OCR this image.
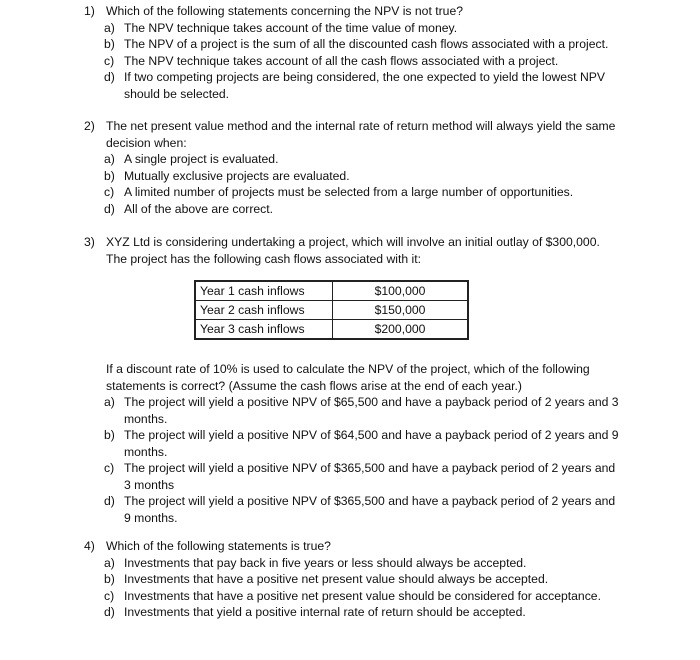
1) Which of the following statements concerning the NPV is not true?
a) The NPV technique takes account of the time value of money.
b) The NPV of a project is the sum of all the discounted cash flows associated with a project.
c) The NPV technique takes account of all the cash flows associated with a project.
d) If two competing projects are being considered, the one expected to yield the lowest NPV should be selected.
2) The net present value method and the internal rate of return method will always yield the same decision when:
a) A single project is evaluated.
b) Mutually exclusive projects are evaluated.
c) A limited number of projects must be selected from a large number of opportunities.
d) All of the above are correct.
3) XYZ Ltd is considering undertaking a project, which will involve an initial outlay of $300,000. The project has the following cash flows associated with it:
Year 1 cash inflows	$100,000
Year 2 cash inflows	$150,000
Year 3 cash inflows	$200,000
If a discount rate of 10% is used to calculate the NPV of the project, which of the following statements is correct? (Assume the cash flows arise at the end of each year.)
a) The project will yield a positive NPV of $65,500 and have a payback period of 2 years and 3 months.
b) The project will yield a positive NPV of $64,500 and have a payback period of 2 years and 9 months.
c) The project will yield a positive NPV of $365,500 and have a payback period of 2 years and 3 months
d) The project will yield a positive NPV of $365,500 and have a payback period of 2 years and 9 months.
4) Which of the following statements is true?
a) Investments that pay back in five years or less should always be accepted.
b) Investments that have a positive net present value should always be accepted.
c) Investments that have a positive net present value should be considered for acceptance.
d) Investments that yield a positive internal rate of return should be accepted.
